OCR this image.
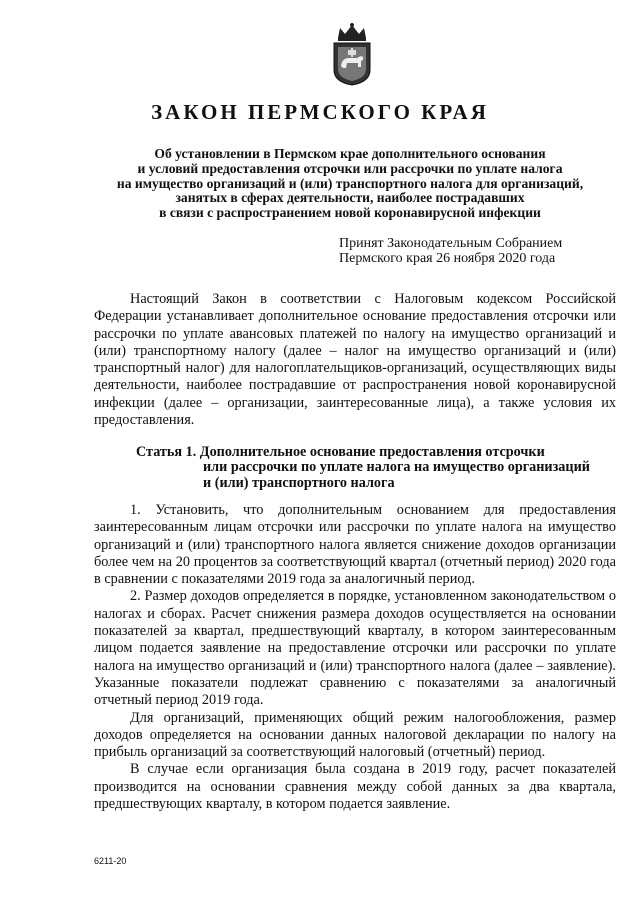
ЗАКОН ПЕРМСКОГО КРАЯ
Об установлении в Пермском крае дополнительного основания
и условий предоставления отсрочки или рассрочки по уплате налога
на имущество организаций и (или) транспортного налога для организаций,
занятых в сферах деятельности, наиболее пострадавших
в связи с распространением новой коронавирусной инфекции
Принят Законодательным Собранием
Пермского края 26 ноября 2020 года

Настоящий Закон в соответствии с Налоговым кодексом Российской Федерации устанавливает дополнительное основание предоставления отсрочки или рассрочки по уплате авансовых платежей по налогу на имущество организаций и (или) транспортному налогу (далее – налог на имущество организаций и (или) транспортный налог) для налогоплательщиков-организаций, осуществляющих виды деятельности, наиболее пострадавшие от распространения новой коронавирусной инфекции (далее – организации, заинтересованные лица), а также условия их предоставления.

Статья 1. Дополнительное основание предоставления отсрочки
или рассрочки по уплате налога на имущество организаций
и (или) транспортного налога

1. Установить, что дополнительным основанием для предоставления заинтересованным лицам отсрочки или рассрочки по уплате налога на имущество организаций и (или) транспортного налога является снижение доходов организации более чем на 20 процентов за соответствующий квартал (отчетный период) 2020 года в сравнении с показателями 2019 года за аналогичный период.

2. Размер доходов определяется в порядке, установленном законодательством о налогах и сборах. Расчет снижения размера доходов осуществляется на основании показателей за квартал, предшествующий кварталу, в котором заинтересованным лицом подается заявление на предоставление отсрочки или рассрочки по уплате налога на имущество организаций и (или) транспортного налога (далее – заявление). Указанные показатели подлежат сравнению с показателями за аналогичный отчетный период 2019 года.

Для организаций, применяющих общий режим налогообложения, размер доходов определяется на основании данных налоговой декларации по налогу на прибыль организаций за соответствующий налоговый (отчетный) период.

В случае если организация была создана в 2019 году, расчет показателей производится на основании сравнения между собой данных за два квартала, предшествующих кварталу, в котором подается заявление.

6211-20
